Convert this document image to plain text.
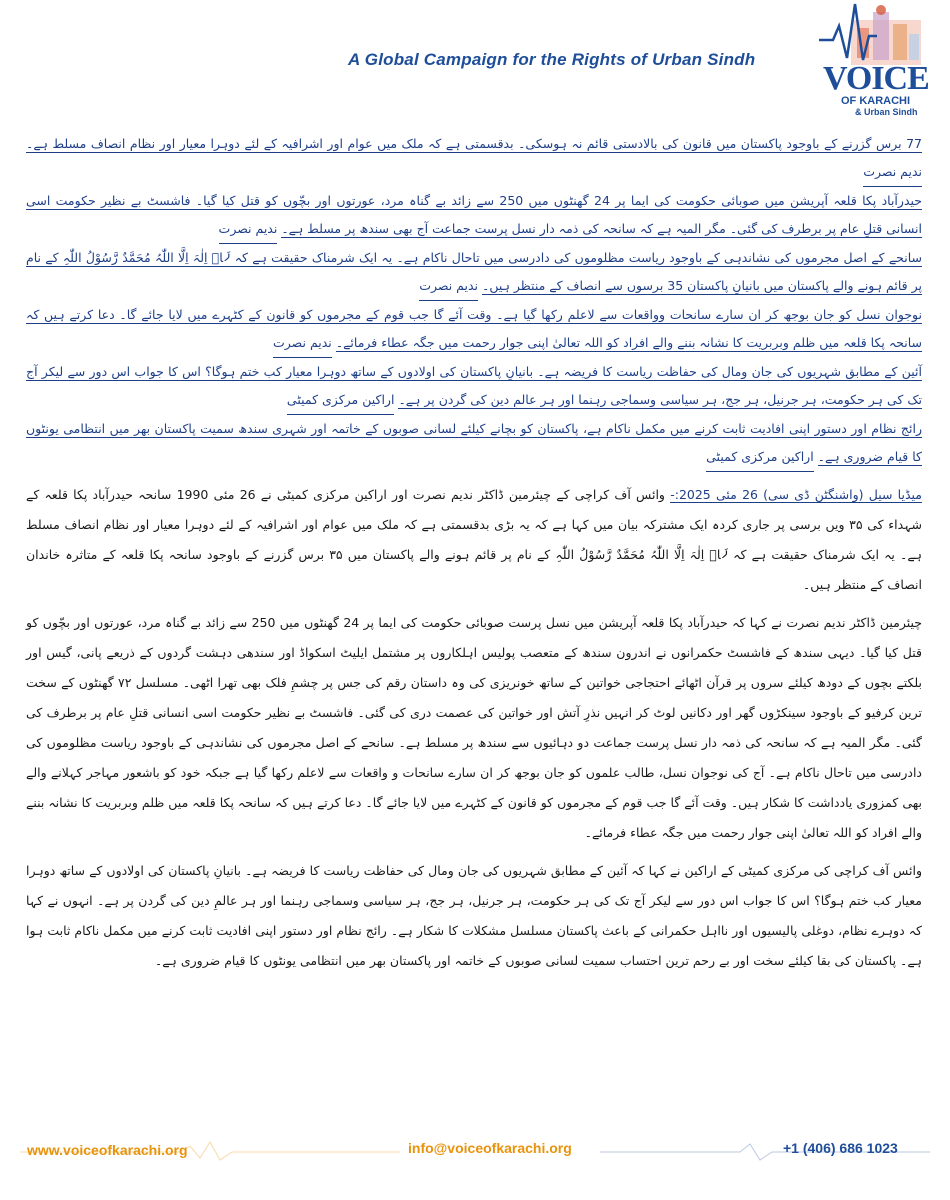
A Global Campaign for the Rights of Urban Sindh
VOICE
OF KARACHI
& Urban Sindh

77 برس گزرنے کے باوجود پاکستان میں قانون کی بالادستی قائم نہ ہوسکی۔ بدقسمتی ہے کہ ملک میں عوام اور اشرافیہ کے لئے دوہرا معیار اور نظام انصاف مسلط ہے۔ ندیم نصرت

حیدرآباد پکا قلعہ آپریشن میں صوبائی حکومت کی ایما پر 24 گھنٹوں میں 250 سے زائد بے گناہ مرد، عورتوں اور بچّوں کو قتل کیا گیا۔ فاشسٹ بے نظیر حکومت اسی انسانی قتلِ عام پر برطرف کی گئی۔ مگر المیہ ہے کہ سانحہ کی ذمہ دار نسل پرست جماعت آج بھی سندھ پر مسلط ہے۔ ندیم نصرت

سانحے کے اصل مجرموں کی نشاندہی کے باوجود ریاست مظلوموں کی دادرسی میں تاحال ناکام ہے۔ یہ ایک شرمناک حقیقت ہے کہ لَاۤ اِلٰہَ اِلَّا اللّٰہُ مُحَمَّدٌ رَّسُوْلُ اللّٰہِ کے نام پر قائم ہونے والے پاکستان میں بانیانِ پاکستان 35 برسوں سے انصاف کے منتظر ہیں۔ ندیم نصرت

نوجوان نسل کو جان بوجھ کر ان سارے سانحات وواقعات سے لاعلم رکھا گیا ہے۔ وقت آئے گا جب قوم کے مجرموں کو قانون کے کٹہرے میں لایا جائے گا۔ دعا کرتے ہیں کہ سانحہ پکا قلعہ میں ظلم وبربریت کا نشانہ بننے والے افراد کو اللہ تعالیٰ اپنی جوار رحمت میں جگہ عطاء فرمائے۔ ندیم نصرت

آئین کے مطابق شہریوں کی جان ومال کی حفاظت ریاست کا فریضہ ہے۔ بانیانِ پاکستان کی اولادوں کے ساتھ دوہرا معیار کب ختم ہوگا؟ اس کا جواب اس دور سے لیکر آج تک کی ہر حکومت، ہر جرنیل، ہر جج، ہر سیاسی وسماجی رہنما اور ہر عالمِ دین کی گردن پر ہے۔ اراکین مرکزی کمیٹی

رائج نظام اور دستور اپنی افادیت ثابت کرنے میں مکمل ناکام ہے، پاکستان کو بچانے کیلئے لسانی صوبوں کے خاتمہ اور شہری سندھ سمیت پاکستان بھر میں انتظامی یونٹوں کا قیام ضروری ہے۔ اراکین مرکزی کمیٹی

میڈیا سیل (واشنگٹن ڈی سی) 26 مئی 2025:- وائس آف کراچی کے چیئرمین ڈاکٹر ندیم نصرت اور اراکین مرکزی کمیٹی نے 26 مئی 1990 سانحہ حیدرآباد پکا قلعہ کے شہداء کی ۳۵ ویں برسی پر جاری کردہ ایک مشترکہ بیان میں کہا ہے کہ یہ بڑی بدقسمتی ہے کہ ملک میں عوام اور اشرافیہ کے لئے دوہرا معیار اور نظام انصاف مسلط ہے۔ یہ ایک شرمناک حقیقت ہے کہ لَاۤ اِلٰہَ اِلَّا اللّٰہُ مُحَمَّدٌ رَّسُوْلُ اللّٰہِ کے نام پر قائم ہونے والے پاکستان میں ۳۵ برس گزرنے کے باوجود سانحہ پکا قلعہ کے متاثرہ خاندان انصاف کے منتظر ہیں۔

چیئرمین ڈاکٹر ندیم نصرت نے کہا کہ حیدرآباد پکا قلعہ آپریشن میں نسل پرست صوبائی حکومت کی ایما پر 24 گھنٹوں میں 250 سے زائد بے گناہ مرد، عورتوں اور بچّوں کو قتل کیا گیا۔ دیہی سندھ کے فاشسٹ حکمرانوں نے اندرون سندھ کے متعصب پولیس اہلکاروں پر مشتمل ایلیٹ اسکواڈ اور سندھی دہشت گردوں کے ذریعے پانی، گیس اور بلکتے بچوں کے دودھ کیلئے سروں پر قرآن اٹھائے احتجاجی خواتین کے ساتھ خونریزی کی وہ داستان رقم کی جس پر چشمِ فلک بھی تھرا اٹھی۔ مسلسل ۷۲ گھنٹوں کے سخت ترین کرفیو کے باوجود سینکڑوں گھر اور دکانیں لوٹ کر انہیں نذرِ آتش اور خواتین کی عصمت دری کی گئی۔ فاشسٹ بے نظیر حکومت اسی انسانی قتلِ عام پر برطرف کی گئی۔ مگر المیہ ہے کہ سانحہ کی ذمہ دار نسل پرست جماعت دو دہائیوں سے سندھ پر مسلط ہے۔ سانحے کے اصل مجرموں کی نشاندہی کے باوجود ریاست مظلوموں کی دادرسی میں تاحال ناکام ہے۔ آج کی نوجوان نسل، طالب علموں کو جان بوجھ کر ان سارے سانحات و واقعات سے لاعلم رکھا گیا ہے جبکہ خود کو باشعور مہاجر کہلانے والے بھی کمزوری یادداشت کا شکار ہیں۔ وقت آئے گا جب قوم کے مجرموں کو قانون کے کٹہرے میں لایا جائے گا۔ دعا کرتے ہیں کہ سانحہ پکا قلعہ میں ظلم وبربریت کا نشانہ بننے والے افراد کو اللہ تعالیٰ اپنی جوار رحمت میں جگہ عطاء فرمائے۔

وائس آف کراچی کی مرکزی کمیٹی کے اراکین نے کہا کہ آئین کے مطابق شہریوں کی جان ومال کی حفاظت ریاست کا فریضہ ہے۔ بانیانِ پاکستان کی اولادوں کے ساتھ دوہرا معیار کب ختم ہوگا؟ اس کا جواب اس دور سے لیکر آج تک کی ہر حکومت، ہر جرنیل، ہر جج، ہر سیاسی وسماجی رہنما اور ہر عالمِ دین کی گردن پر ہے۔ انہوں نے کہا کہ دوہرے نظام، دوغلی پالیسیوں اور نااہل حکمرانی کے باعث پاکستان مسلسل مشکلات کا شکار ہے۔ رائج نظام اور دستور اپنی افادیت ثابت کرنے میں مکمل ناکام ثابت ہوا ہے۔ پاکستان کی بقا کیلئے سخت اور بے رحم ترین احتساب سمیت لسانی صوبوں کے خاتمہ اور پاکستان بھر میں انتظامی یونٹوں کا قیام ضروری ہے۔

www.voiceofkarachi.org	info@voiceofkarachi.org	+1 (406) 686 1023
